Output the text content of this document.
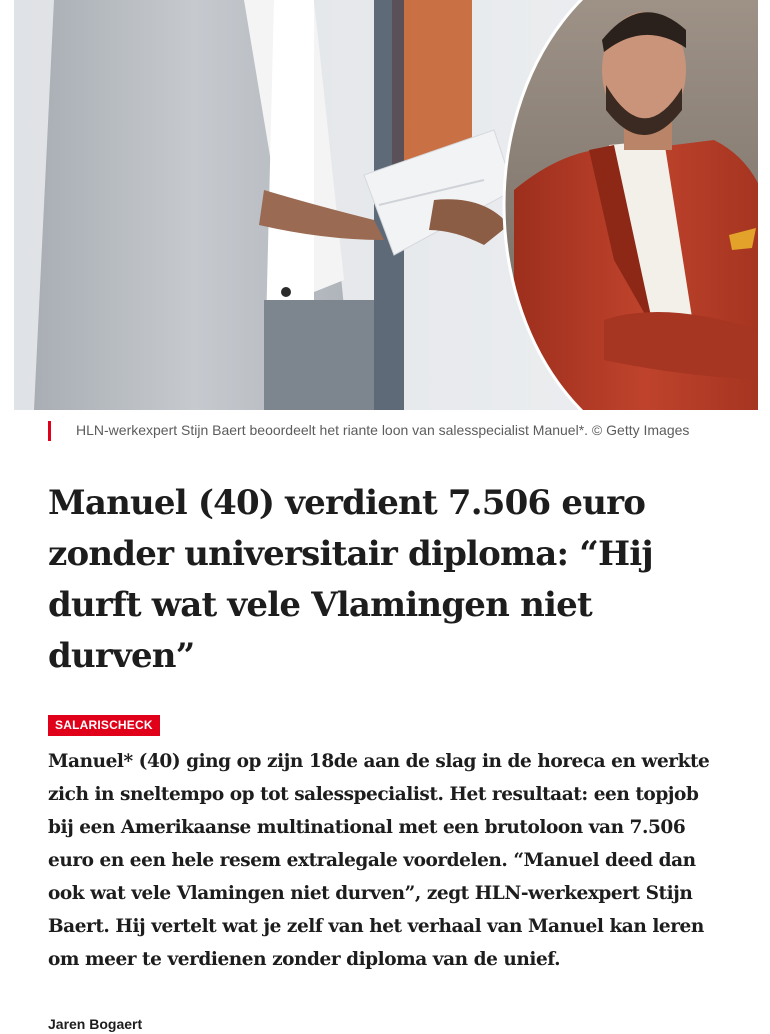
HLN-werkexpert Stijn Baert beoordeelt het riante loon van salesspecialist Manuel*. © Getty Images
Manuel (40) verdient 7.506 euro zonder universitair diploma: “Hij durft wat vele Vlamingen niet durven”
SALARISCHECK

Manuel* (40) ging op zijn 18de aan de slag in de horeca en werkte zich in sneltempo op tot salesspecialist. Het resultaat: een topjob bij een Amerikaanse multinational met een brutoloon van 7.506 euro en een hele resem extralegale voordelen. “Manuel deed dan ook wat vele Vlamingen niet durven”, zegt HLN-werkexpert Stijn Baert. Hij vertelt wat je zelf van het verhaal van Manuel kan leren om meer te verdienen zonder diploma van de unief.

Jaren Bogaert
